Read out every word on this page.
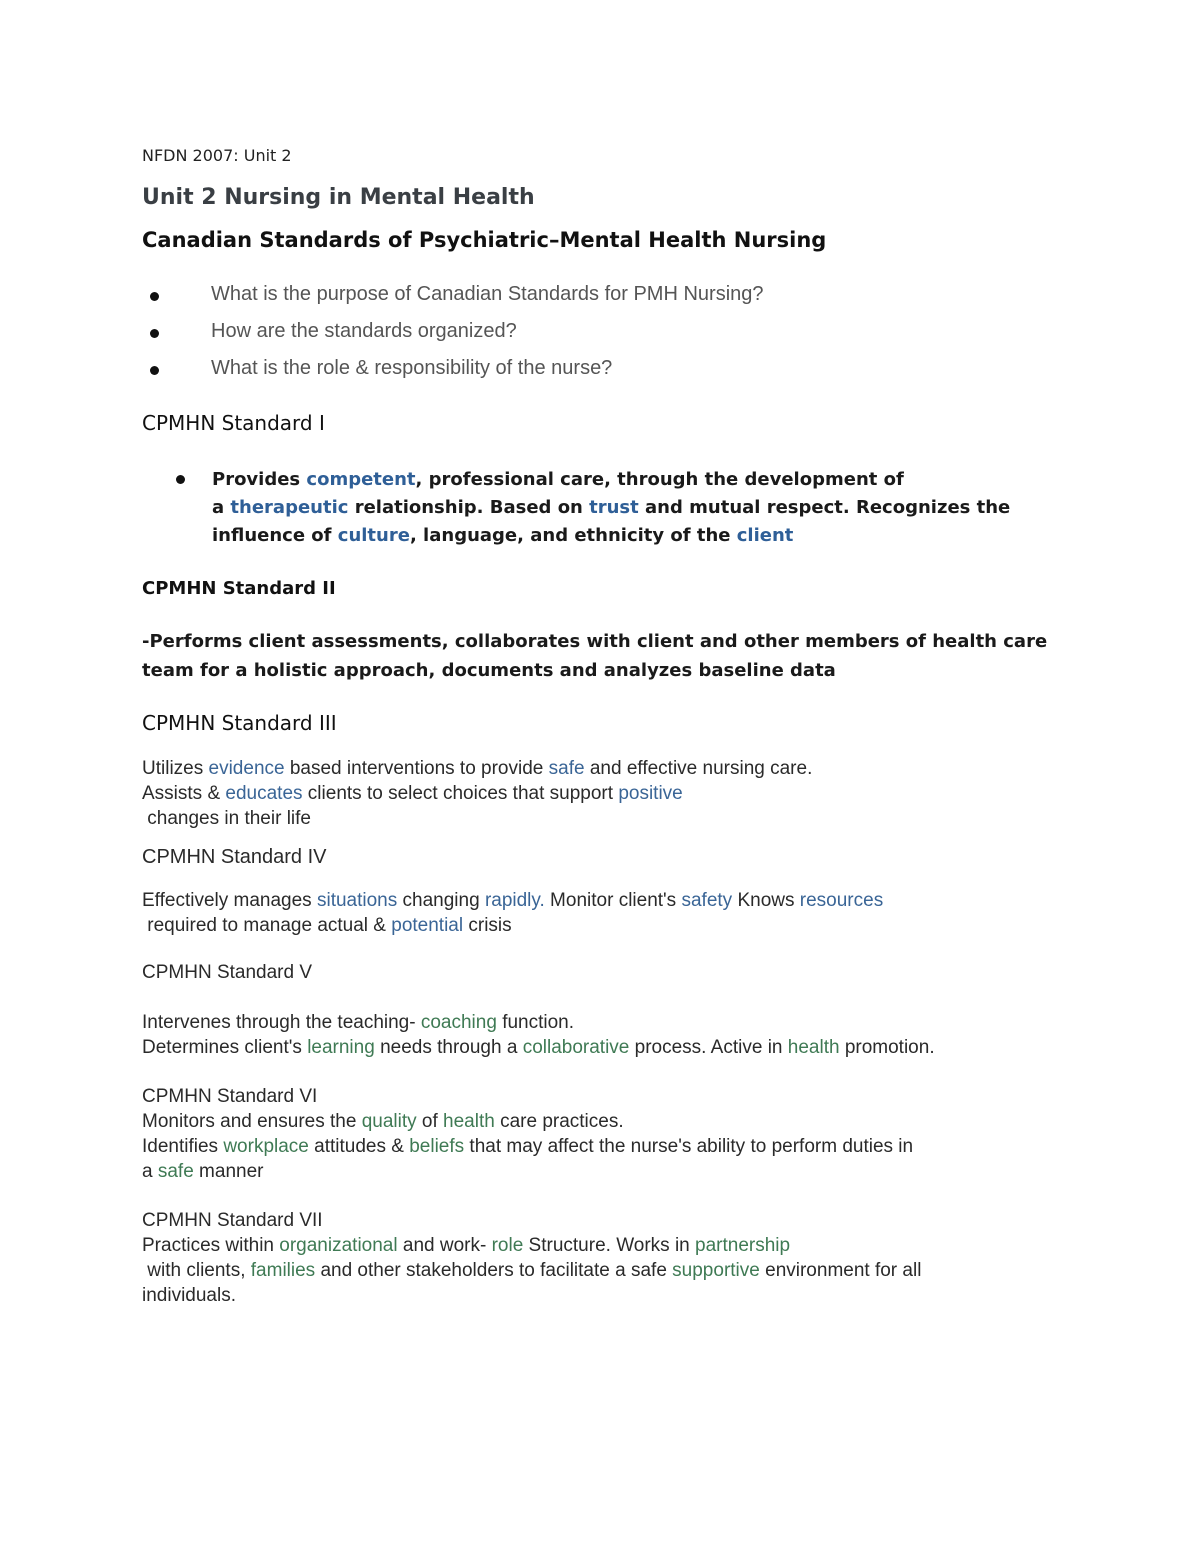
NFDN 2007: Unit 2
Unit 2 Nursing in Mental Health
Canadian Standards of Psychiatric–Mental Health Nursing
What is the purpose of Canadian Standards for PMH Nursing?
How are the standards organized?
What is the role & responsibility of the nurse?
CPMHN Standard I
Provides competent, professional care, through the development of
a therapeutic relationship. Based on trust and mutual respect. Recognizes the
influence of culture, language, and ethnicity of the client
CPMHN Standard II
-Performs client assessments, collaborates with client and other members of health care
team for a holistic approach, documents and analyzes baseline data
CPMHN Standard III
Utilizes evidence based interventions to provide safe and effective nursing care.
Assists & educates clients to select choices that support positive
changes in their life
CPMHN Standard IV
Effectively manages situations changing rapidly. Monitor client's safety Knows resources
required to manage actual & potential crisis
CPMHN Standard V
Intervenes through the teaching- coaching function.
Determines client's learning needs through a collaborative process. Active in health promotion.
CPMHN Standard VI
Monitors and ensures the quality of health care practices.
Identifies workplace attitudes & beliefs that may affect the nurse's ability to perform duties in
a safe manner
CPMHN Standard VII
Practices within organizational and work- role Structure. Works in partnership
with clients, families and other stakeholders to facilitate a safe supportive environment for all
individuals.
